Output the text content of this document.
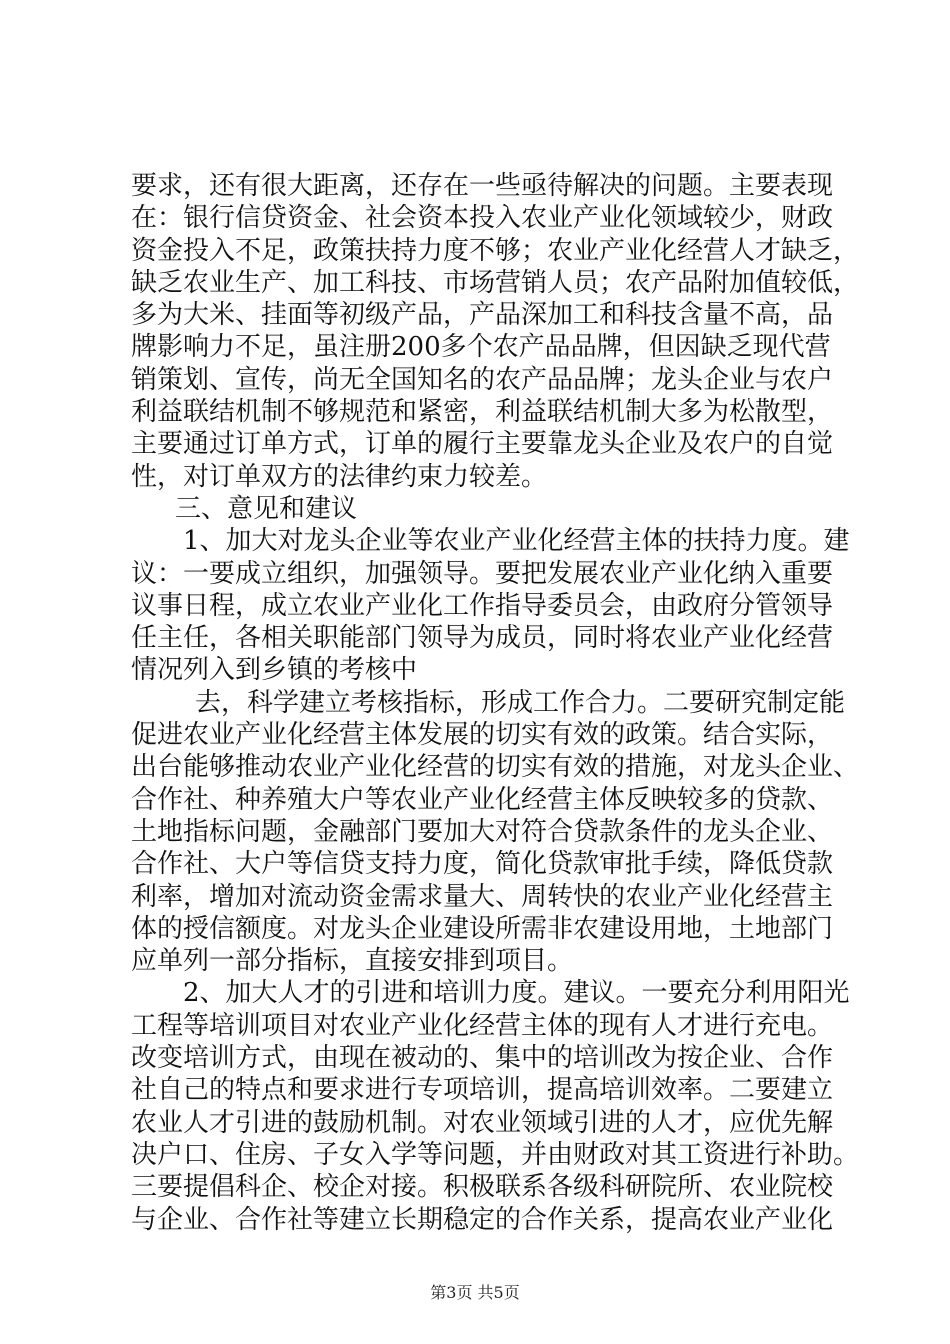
要求，还有很大距离，还存在一些亟待解决的问题。主要表现
在：银行信贷资金、社会资本投入农业产业化领域较少，财政
资金投入不足，政策扶持力度不够；农业产业化经营人才缺乏，
缺乏农业生产、加工科技、市场营销人员；农产品附加值较低，
多为大米、挂面等初级产品，产品深加工和科技含量不高，品
牌影响力不足，虽注册200多个农产品品牌，但因缺乏现代营
销策划、宣传，尚无全国知名的农产品品牌；龙头企业与农户
利益联结机制不够规范和紧密，利益联结机制大多为松散型，
主要通过订单方式，订单的履行主要靠龙头企业及农户的自觉
性，对订单双方的法律约束力较差。
三、意见和建议
1、加大对龙头企业等农业产业化经营主体的扶持力度。建
议：一要成立组织，加强领导。要把发展农业产业化纳入重要
议事日程，成立农业产业化工作指导委员会，由政府分管领导
任主任，各相关职能部门领导为成员，同时将农业产业化经营
情况列入到乡镇的考核中
去，科学建立考核指标，形成工作合力。二要研究制定能
促进农业产业化经营主体发展的切实有效的政策。结合实际，
出台能够推动农业产业化经营的切实有效的措施，对龙头企业、
合作社、种养殖大户等农业产业化经营主体反映较多的贷款、
土地指标问题，金融部门要加大对符合贷款条件的龙头企业、
合作社、大户等信贷支持力度，简化贷款审批手续，降低贷款
利率，增加对流动资金需求量大、周转快的农业产业化经营主
体的授信额度。对龙头企业建设所需非农建设用地，土地部门
应单列一部分指标，直接安排到项目。
2、加大人才的引进和培训力度。建议。一要充分利用阳光
工程等培训项目对农业产业化经营主体的现有人才进行充电。
改变培训方式，由现在被动的、集中的培训改为按企业、合作
社自己的特点和要求进行专项培训，提高培训效率。二要建立
农业人才引进的鼓励机制。对农业领域引进的人才，应优先解
决户口、住房、子女入学等问题，并由财政对其工资进行补助。
三要提倡科企、校企对接。积极联系各级科研院所、农业院校
与企业、合作社等建立长期稳定的合作关系，提高农业产业化
第3页 共5页
